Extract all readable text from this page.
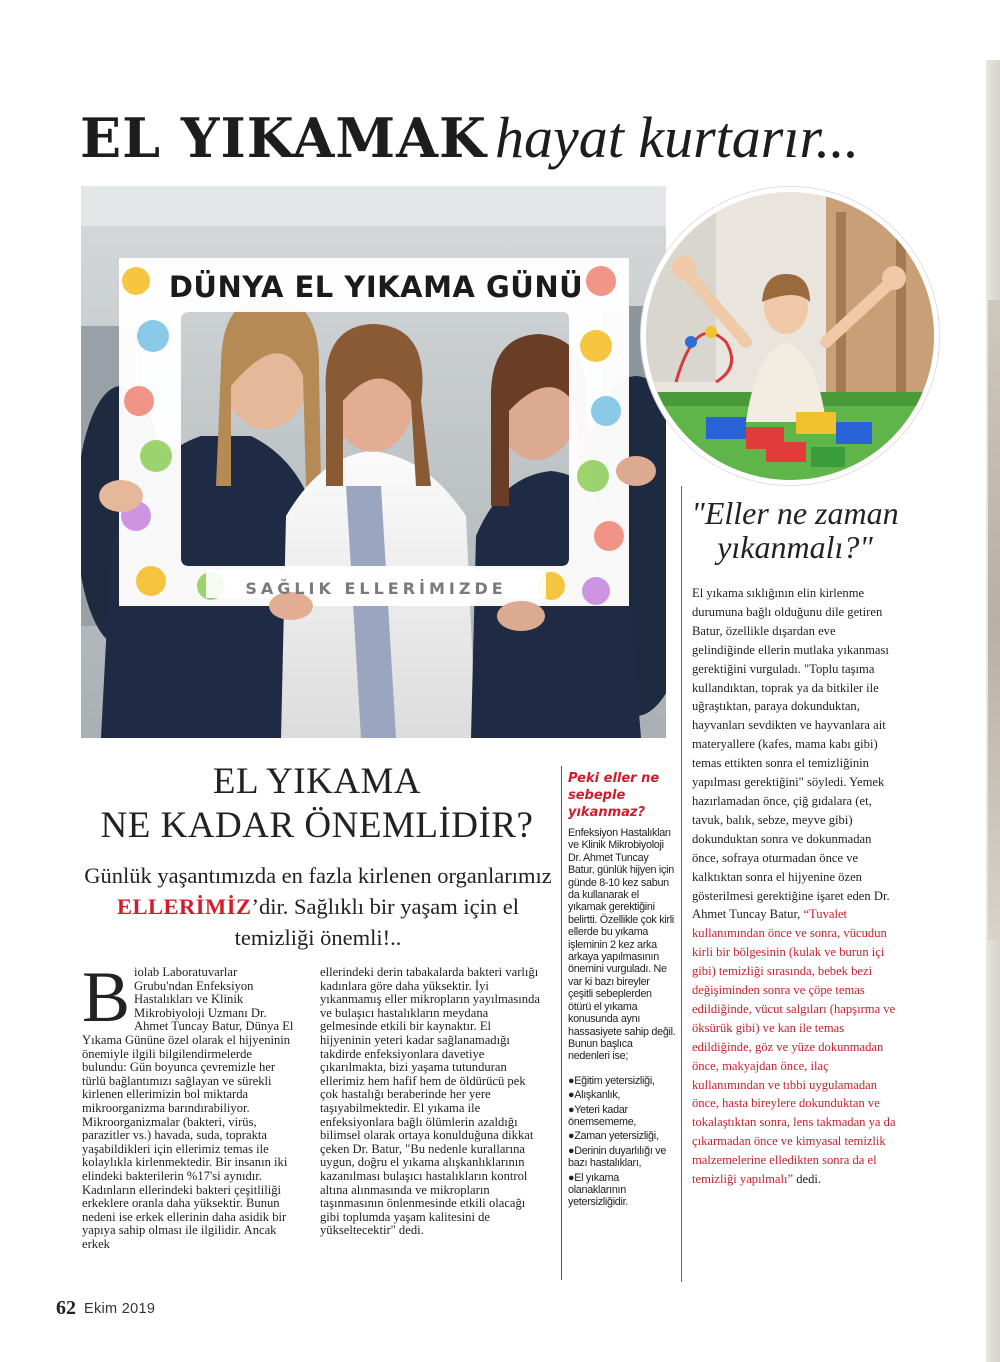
EL YIKAMAK hayat kurtarır...
DÜNYA EL YIKAMA GÜNÜ
SAĞLIK ELLERİMIZDE
"Eller ne zaman yıkanmalı?"
El yıkama sıklığının elin kirlenme durumuna bağlı olduğunu dile getiren Batur, özellikle dışardan eve gelindiğinde ellerin mutlaka yıkanması gerektiğini vurguladı. "Toplu taşıma kullandıktan, toprak ya da bitkiler ile uğraştıktan, paraya dokunduktan, hayvanları sevdikten ve hayvanlara ait materyallere (kafes, mama kabı gibi) temas ettikten sonra el temizliğinin yapılması gerektiğini" söyledi. Yemek hazırlamadan önce, çiğ gıdalara (et, tavuk, balık, sebze, meyve gibi) dokunduktan sonra ve dokunmadan önce, sofraya oturmadan önce ve kalktıktan sonra el hijyenine özen gösterilmesi gerektiğine işaret eden Dr. Ahmet Tuncay Batur, “Tuvalet kullanımından önce ve sonra, vücudun kirli bir bölgesinin (kulak ve burun içi gibi) temizliği sırasında, bebek bezi değişiminden sonra ve çöpe temas edildiğinde, vücut salgıları (hapşırma ve öksürük gibi) ve kan ile temas edildiğinde, göz ve yüze dokunmadan önce, makyajdan önce, ilaç kullanımından ve tıbbi uygulamadan önce, hasta bireylere dokunduktan ve tokalaştıktan sonra, lens takmadan ya da çıkarmadan önce ve kimyasal temizlik malzemelerine elledikten sonra da el temizliği yapılmalı” dedi.
EL YIKAMA
NE KADAR ÖNEMLİDİR?
Günlük yaşantımızda en fazla kirlenen organlarımız ELLERİMİZ’dir. Sağlıklı bir yaşam için el temizliği önemli!..
Biolab Laboratuvarlar Grubu'ndan Enfeksiyon Hastalıkları ve Klinik Mikrobiyoloji Uzmanı Dr. Ahmet Tuncay Batur, Dünya El Yıkama Gününe özel olarak el hijyeninin önemiyle ilgili bilgilendirmelerde bulundu: Gün boyunca çevremizle her türlü bağlantımızı sağlayan ve sürekli kirlenen ellerimizin bol miktarda mikroorganizma barındırabiliyor. Mikroorganizmalar (bakteri, virüs, parazitler vs.) havada, suda, toprakta yaşabildikleri için ellerimiz temas ile kolaylıkla kirlenmektedir. Bir insanın iki elindeki bakterilerin %17'si aynıdır. Kadınların ellerindeki bakteri çeşitliliği erkeklere oranla daha yüksektir. Bunun nedeni ise erkek ellerinin daha asidik bir yapıya sahip olması ile ilgilidir. Ancak erkek
ellerindeki derin tabakalarda bakteri varlığı kadınlara göre daha yüksektir. İyi yıkanmamış eller mikropların yayılmasında ve bulaşıcı hastalıkların meydana gelmesinde etkili bir kaynaktır. El hijyeninin yeteri kadar sağlanamadığı takdirde enfeksiyonlara davetiye çıkarılmakta, bizi yaşama tutunduran ellerimiz hem hafif hem de öldürücü pek çok hastalığı beraberinde her yere taşıyabilmektedir. El yıkama ile enfeksiyonlara bağlı ölümlerin azaldığı bilimsel olarak ortaya konulduğuna dikkat çeken Dr. Batur, "Bu nedenle kurallarına uygun, doğru el yıkama alışkanlıklarının kazanılması bulaşıcı hastalıkların kontrol altına alınmasında ve mikropların taşınmasının önlenmesinde etkili olacağı gibi toplumda yaşam kalitesini de yükseltecektir" dedi.
Peki eller ne sebeple yıkanmaz?
Enfeksiyon Hastalıkları ve Klinik Mikrobiyoloji Dr. Ahmet Tuncay Batur, günlük hijyen için günde 8-10 kez sabun da kullanarak el yıkamak gerektiğini belirtti. Özellikle çok kirli ellerde bu yıkama işleminin 2 kez arka arkaya yapılmasının önemini vurguladı. Ne var ki bazı bireyler çeşitli sebeplerden ötürü el yıkama konusunda aynı hassasiyete sahip değil. Bunun başlıca nedenleri ise;
●Eğitim yetersizliği,
●Alışkanlık,
●Yeteri kadar önemsememe,
●Zaman yetersizliği,
●Derinin duyarlılığı ve bazı hastalıkları,
●El yıkama olanaklarının yetersizliğidir.
62 Ekim 2019
